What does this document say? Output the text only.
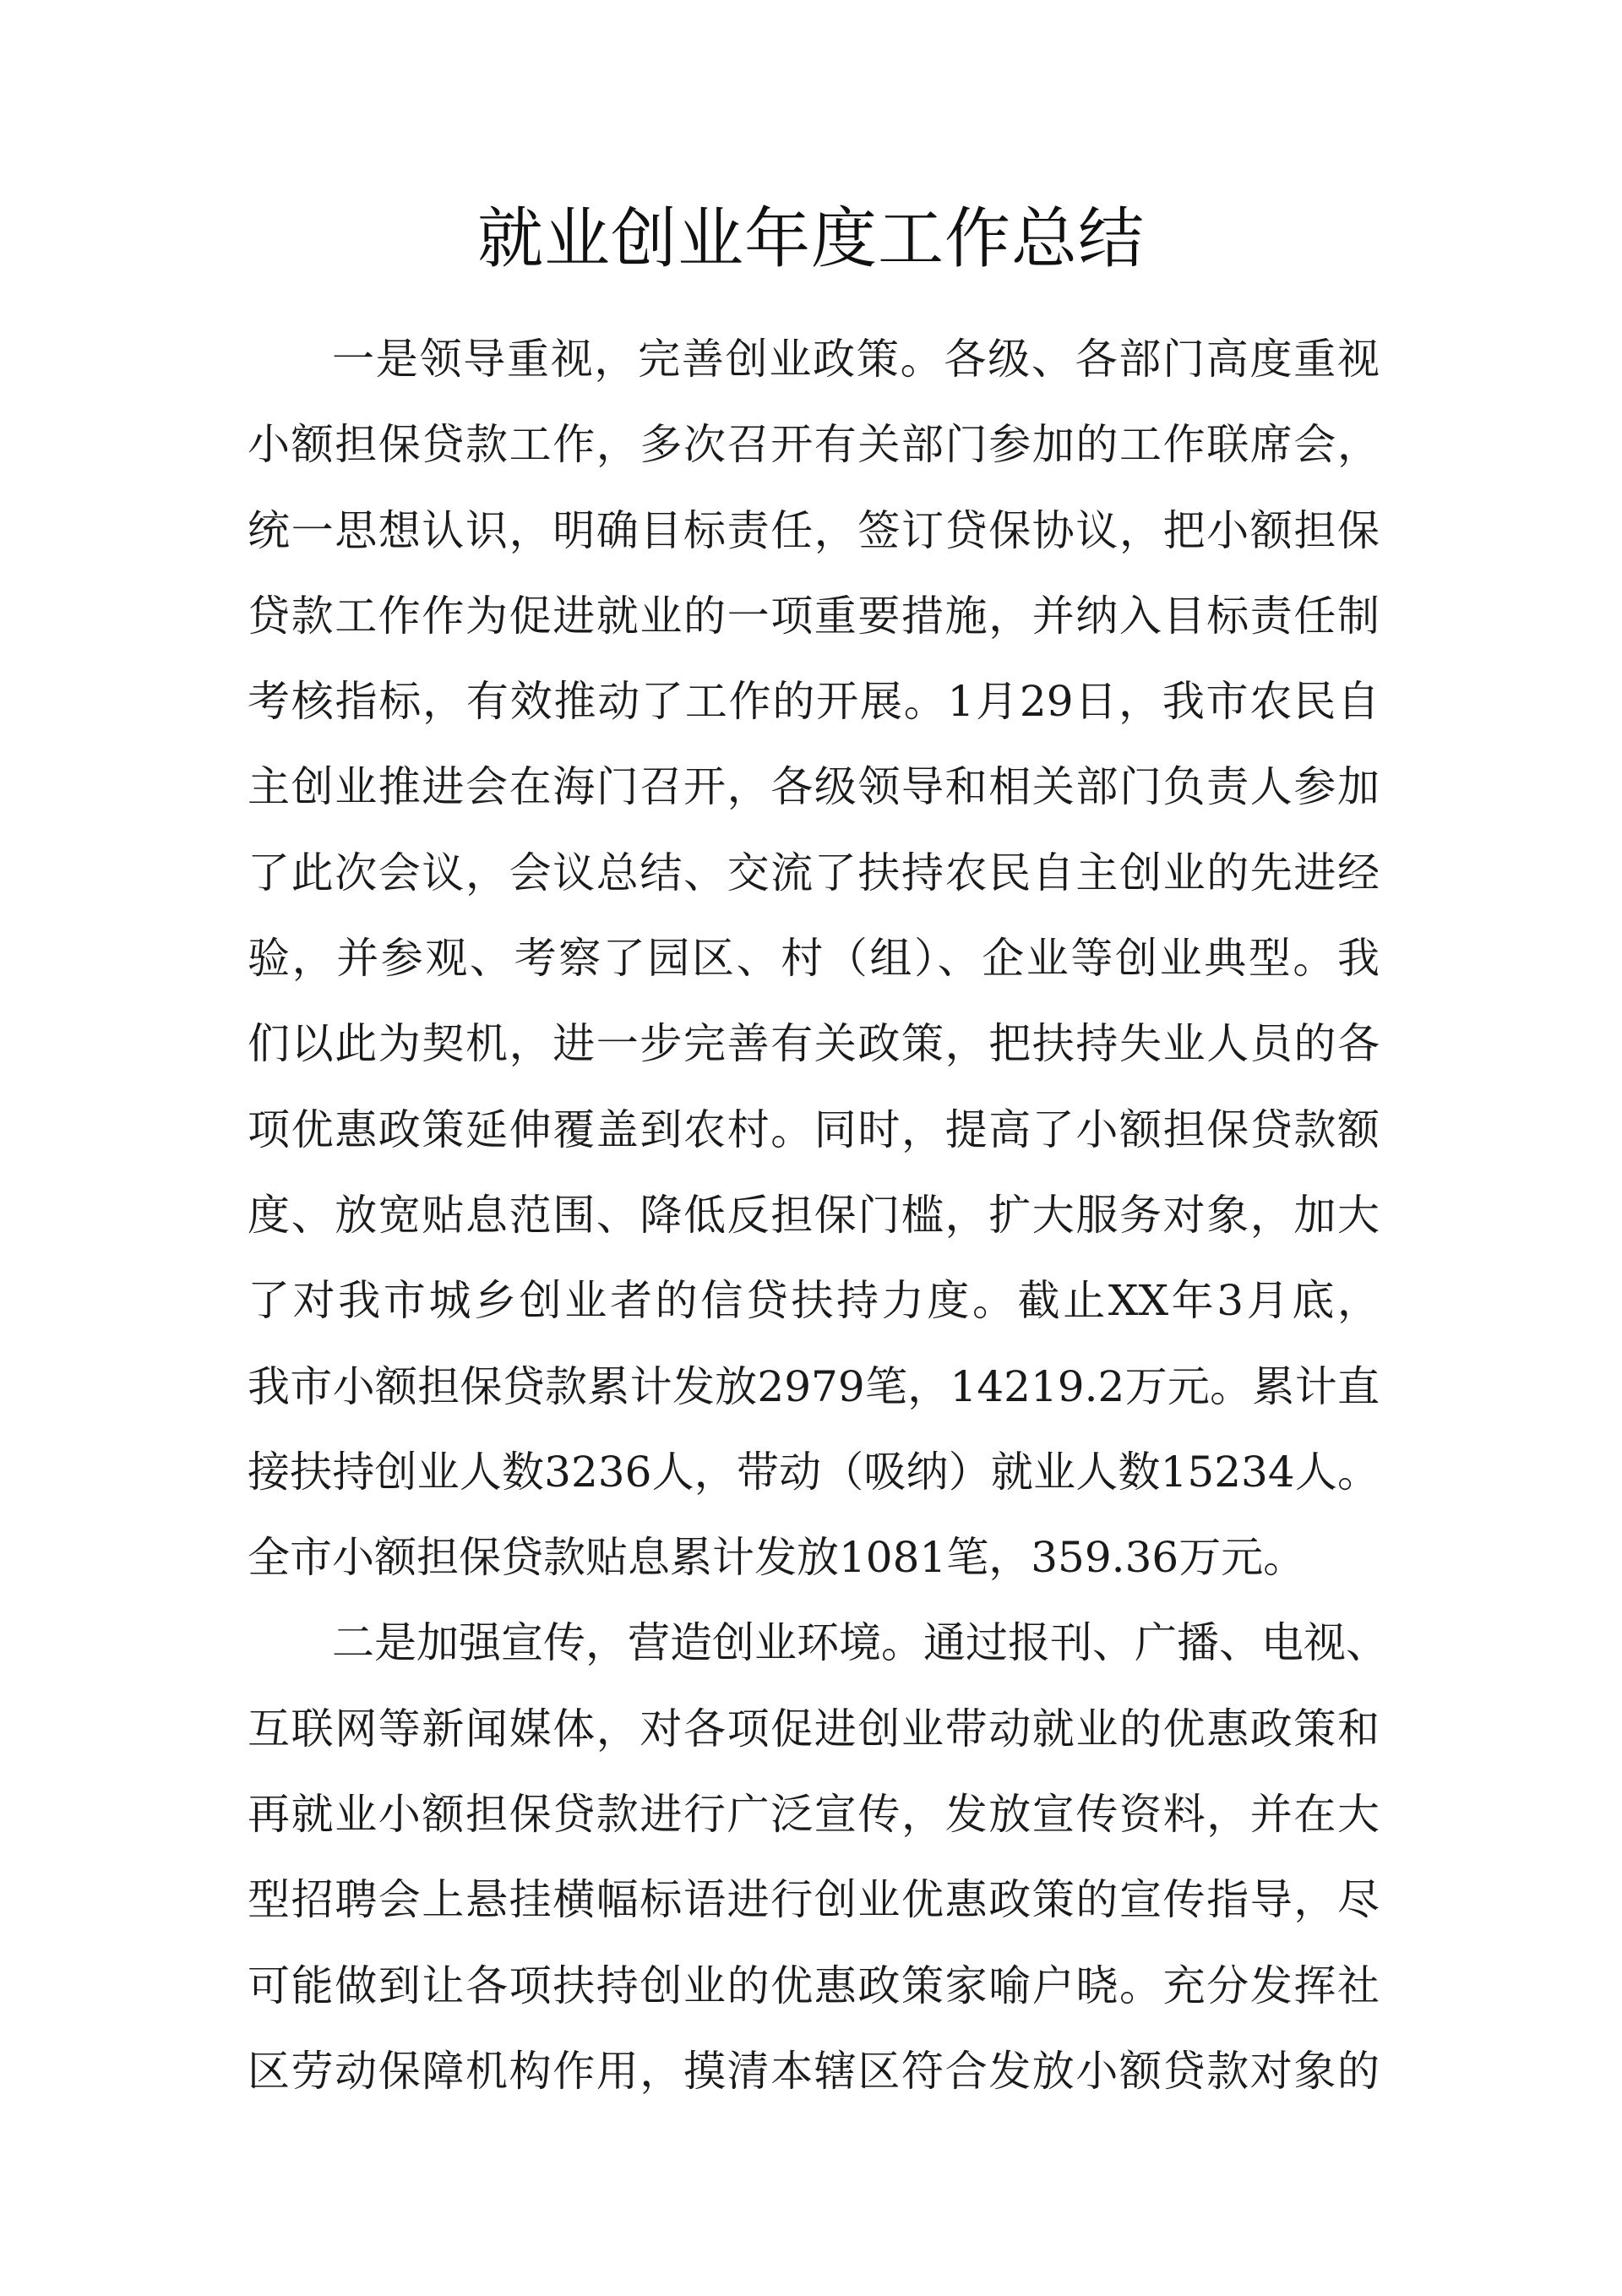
就业创业年度工作总结

一是领导重视，完善创业政策。各级、各部门高度重视

小额担保贷款工作，多次召开有关部门参加的工作联席会，

统一思想认识，明确目标责任，签订贷保协议，把小额担保

贷款工作作为促进就业的一项重要措施，并纳入目标责任制

考核指标，有效推动了工作的开展。1月29日，我市农民自

主创业推进会在海门召开，各级领导和相关部门负责人参加

了此次会议，会议总结、交流了扶持农民自主创业的先进经

验，并参观、考察了园区、村（组）、企业等创业典型。我

们以此为契机，进一步完善有关政策，把扶持失业人员的各

项优惠政策延伸覆盖到农村。同时，提高了小额担保贷款额

度、放宽贴息范围、降低反担保门槛，扩大服务对象，加大

了对我市城乡创业者的信贷扶持力度。截止XX年3月底，

我市小额担保贷款累计发放2979笔，14219.2万元。累计直

接扶持创业人数3236人，带动（吸纳）就业人数15234人。

全市小额担保贷款贴息累计发放1081笔，359.36万元。

二是加强宣传，营造创业环境。通过报刊、广播、电视、

互联网等新闻媒体，对各项促进创业带动就业的优惠政策和

再就业小额担保贷款进行广泛宣传，发放宣传资料，并在大

型招聘会上悬挂横幅标语进行创业优惠政策的宣传指导，尽

可能做到让各项扶持创业的优惠政策家喻户晓。充分发挥社

区劳动保障机构作用，摸清本辖区符合发放小额贷款对象的
